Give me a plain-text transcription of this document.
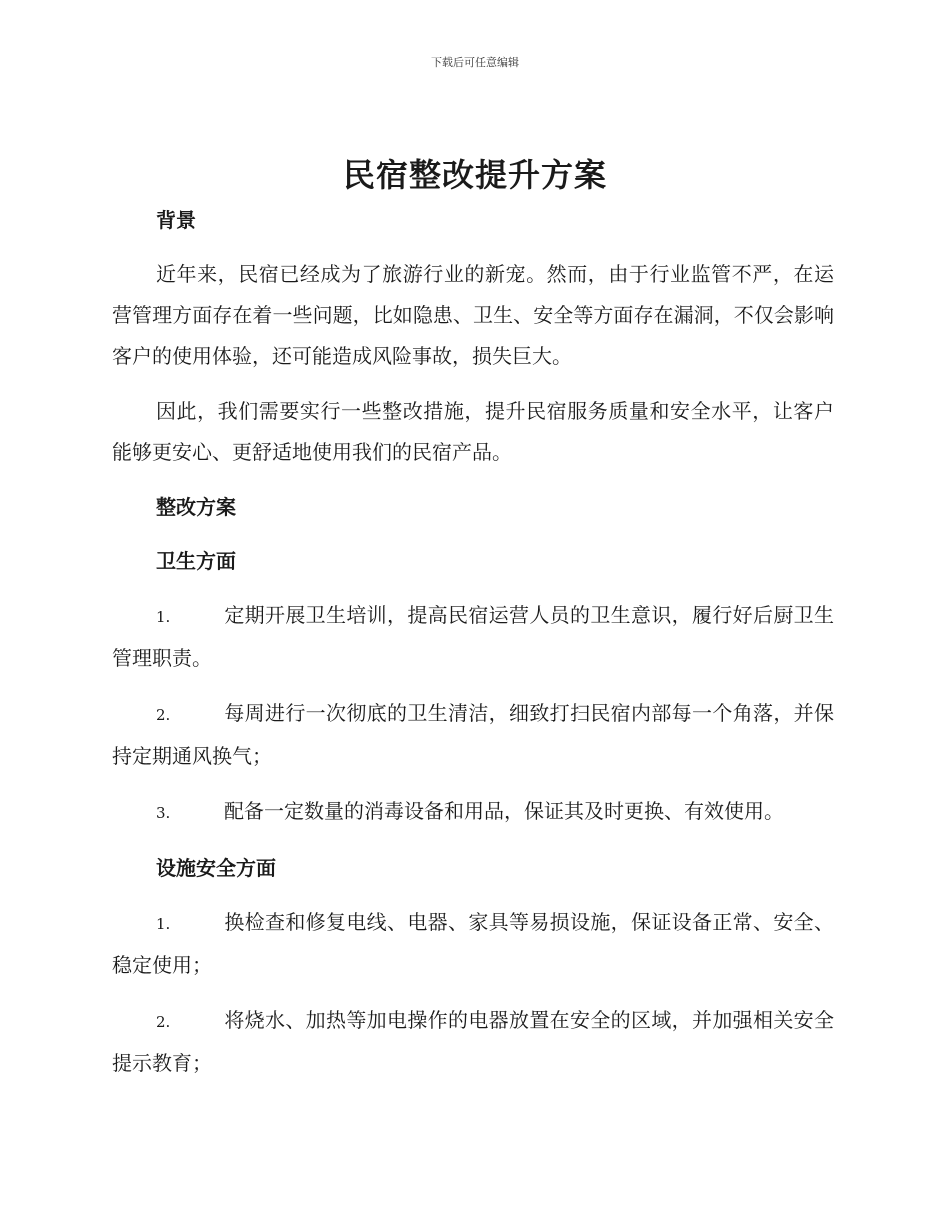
下载后可任意编辑
民宿整改提升方案

背景

近年来，民宿已经成为了旅游行业的新宠。然而，由于行业监管不严，在运营管理方面存在着一些问题，比如隐患、卫生、安全等方面存在漏洞，不仅会影响客户的使用体验，还可能造成风险事故，损失巨大。

因此，我们需要实行一些整改措施，提升民宿服务质量和安全水平，让客户能够更安心、更舒适地使用我们的民宿产品。

整改方案

卫生方面

1.	定期开展卫生培训，提高民宿运营人员的卫生意识，履行好后厨卫生管理职责。

2.	每周进行一次彻底的卫生清洁，细致打扫民宿内部每一个角落，并保持定期通风换气；

3.	配备一定数量的消毒设备和用品，保证其及时更换、有效使用。

设施安全方面

1.	换检查和修复电线、电器、家具等易损设施，保证设备正常、安全、稳定使用；

2.	将烧水、加热等加电操作的电器放置在安全的区域，并加强相关安全提示教育；
